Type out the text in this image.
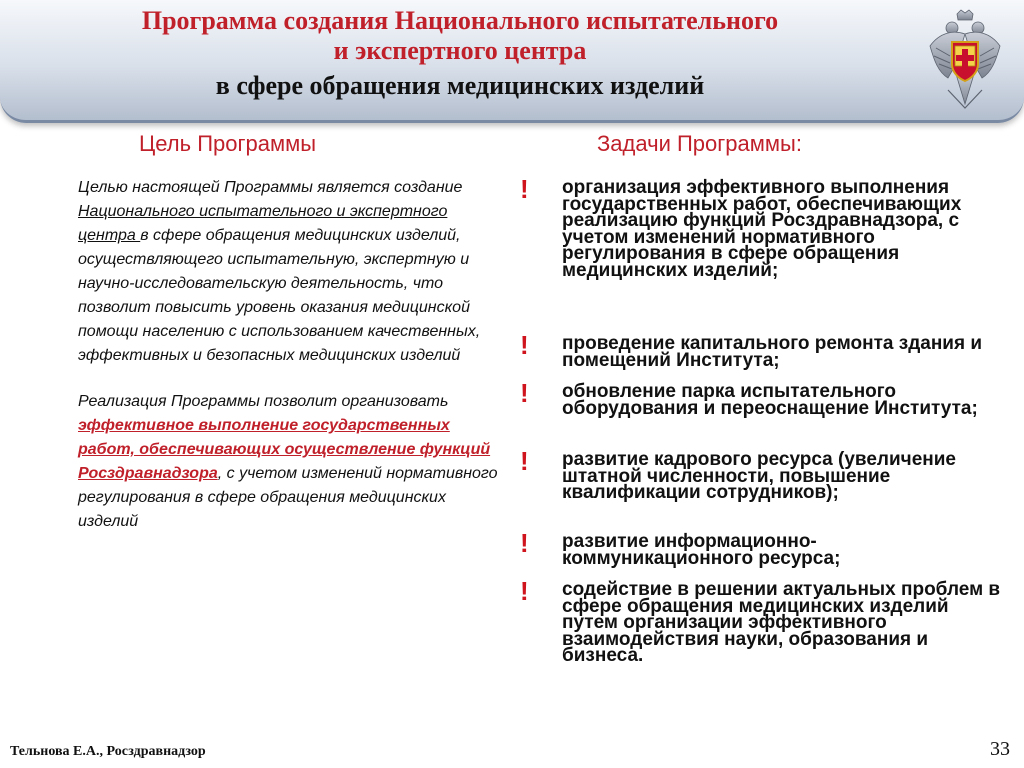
Программа создания Национального испытательного
и экспертного центра
в сфере обращения медицинских изделий
Цель Программы	Задачи Программы:

Целью настоящей Программы является создание Национального испытательного и экспертного центра в сфере обращения медицинских изделий, осуществляющего испытательную, экспертную и научно-исследовательскую деятельность, что позволит повысить уровень оказания медицинской помощи населению с использованием качественных, эффективных и безопасных медицинских изделий

Реализация Программы позволит организовать эффективное выполнение государственных работ, обеспечивающих осуществление функций Росздравнадзора, с учетом изменений нормативного регулирования в сфере обращения медицинских изделий

! организация эффективного выполнения государственных работ, обеспечивающих реализацию функций Росздравнадзора, с учетом изменений нормативного регулирования в сфере обращения медицинских изделий;
! проведение капитального ремонта здания и помещений Института;
! обновление парка испытательного оборудования и переоснащение Института;
! развитие кадрового ресурса (увеличение штатной численности, повышение квалификации сотрудников);
! развитие информационно-коммуникационного ресурса;
! содействие в решении актуальных проблем в сфере обращения медицинских изделий путем организации эффективного взаимодействия науки, образования и бизнеса.
Тельнова Е.А., Росздравнадзор	33
